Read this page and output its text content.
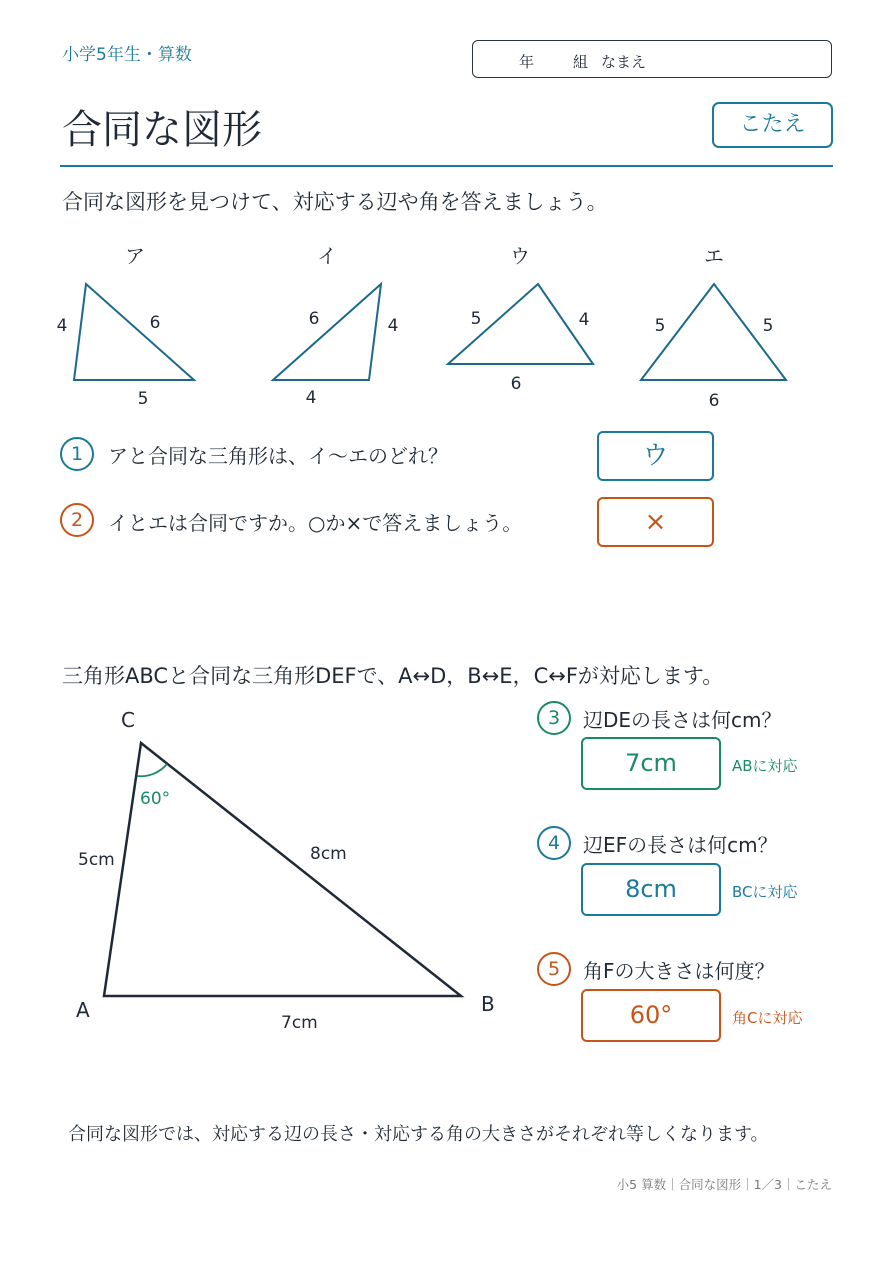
小学5年生・算数	年	組 なまえ
合同な図形	こたえ
合同な図形を見つけて、対応する辺や角を答えましょう。
ア	イ	ウ	エ
4	6
5
6	4
4
5	4
6
5	5
6
1	アと合同な三角形は、イ〜エのどれ？	ウ
2	イとエは合同ですか。○か×で答えましょう。	×
三角形ABCと合同な三角形DEFで、A↔D，B↔E，C↔Fが対応します。
C
A	B
5cm	8cm
7cm
60°
3	辺DEの長さは何cm？
7cm	ABに対応
4	辺EFの長さは何cm？
8cm	BCに対応
5	角Fの大きさは何度？
60°	角Cに対応
合同な図形では、対応する辺の長さ・対応する角の大きさがそれぞれ等しくなります。
小5 算数｜合同な図形｜1／3｜こたえ
